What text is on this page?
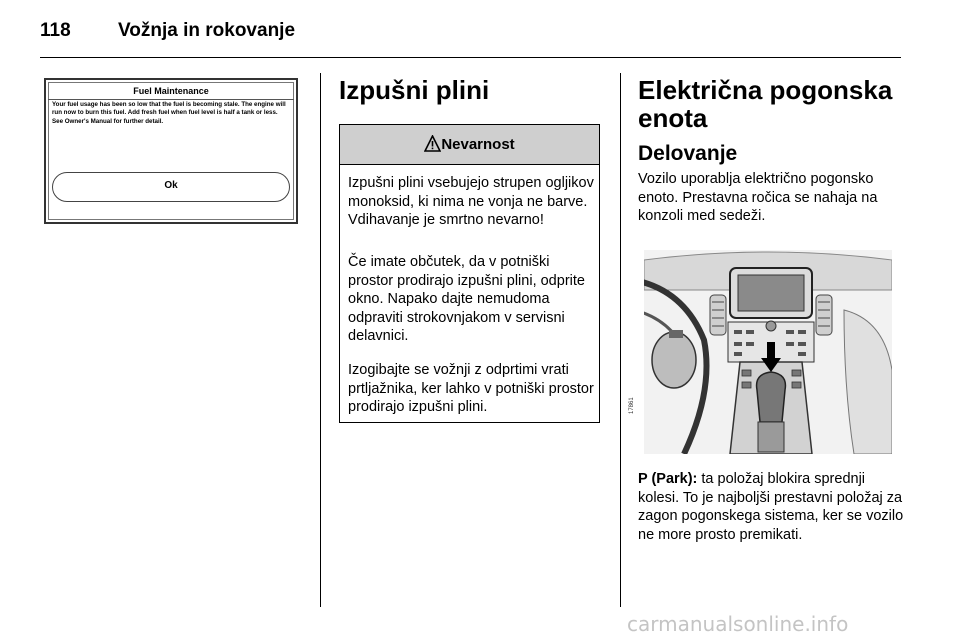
118 Vožnja in rokovanje
Fuel Maintenance
Your fuel usage has been so low that the fuel is becoming stale. The engine will run now to burn this fuel. Add fresh fuel when fuel level is half a tank or less. See Owner's Manual for further detail.
Ok
Izpušni plini
Nevarnost
Izpušni plini vsebujejo strupen ogljikov monoksid, ki nima ne vonja ne barve. Vdihavanje je smrtno nevarno!
Če imate občutek, da v potniški prostor prodirajo izpušni plini, odprite okno. Napako dajte nemudoma odpraviti strokovnjakom v servisni delavnici.
Izogibajte se vožnji z odprtimi vrati prtljažnika, ker lahko v potniški prostor prodirajo izpušni plini.
Električna pogonska
enota
Delovanje
Vozilo uporablja električno pogonsko enoto. Prestavna ročica se nahaja na konzoli med sedeži.
17861
P (Park): ta položaj blokira sprednji kolesi. To je najboljši prestavni položaj za zagon pogonskega sistema, ker se vozilo ne more prosto premikati.
carmanualsonline.info
